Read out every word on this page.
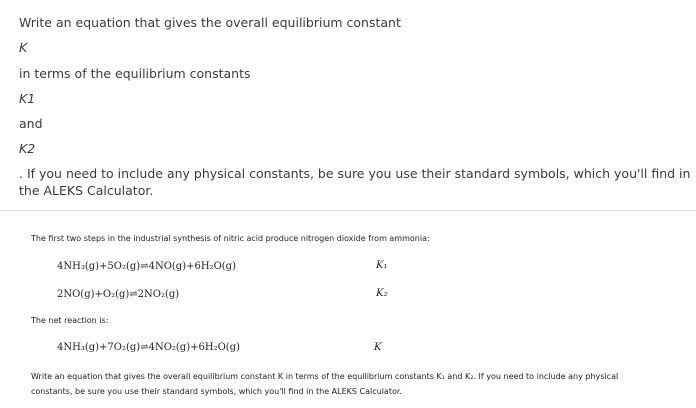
Write an equation that gives the overall equilibrium constant
K
in terms of the equilibrium constants
K1
and
K2
. If you need to include any physical constants, be sure you use their standard symbols, which you'll find in
the ALEKS Calculator.
The first two steps in the industrial synthesis of nitric acid produce nitrogen dioxide from ammonia:
4NH₃(g)+5O₂(g)⇌4NO(g)+6H₂O(g)	K₁
2NO(g)+O₂(g)⇌2NO₂(g)	K₂
The net reaction is:
4NH₃(g)+7O₂(g)⇌4NO₂(g)+6H₂O(g)	K
Write an equation that gives the overall equilibrium constant K in terms of the equilibrium constants K₁ and K₂. If you need to include any physical
constants, be sure you use their standard symbols, which you'll find in the ALEKS Calculator.
